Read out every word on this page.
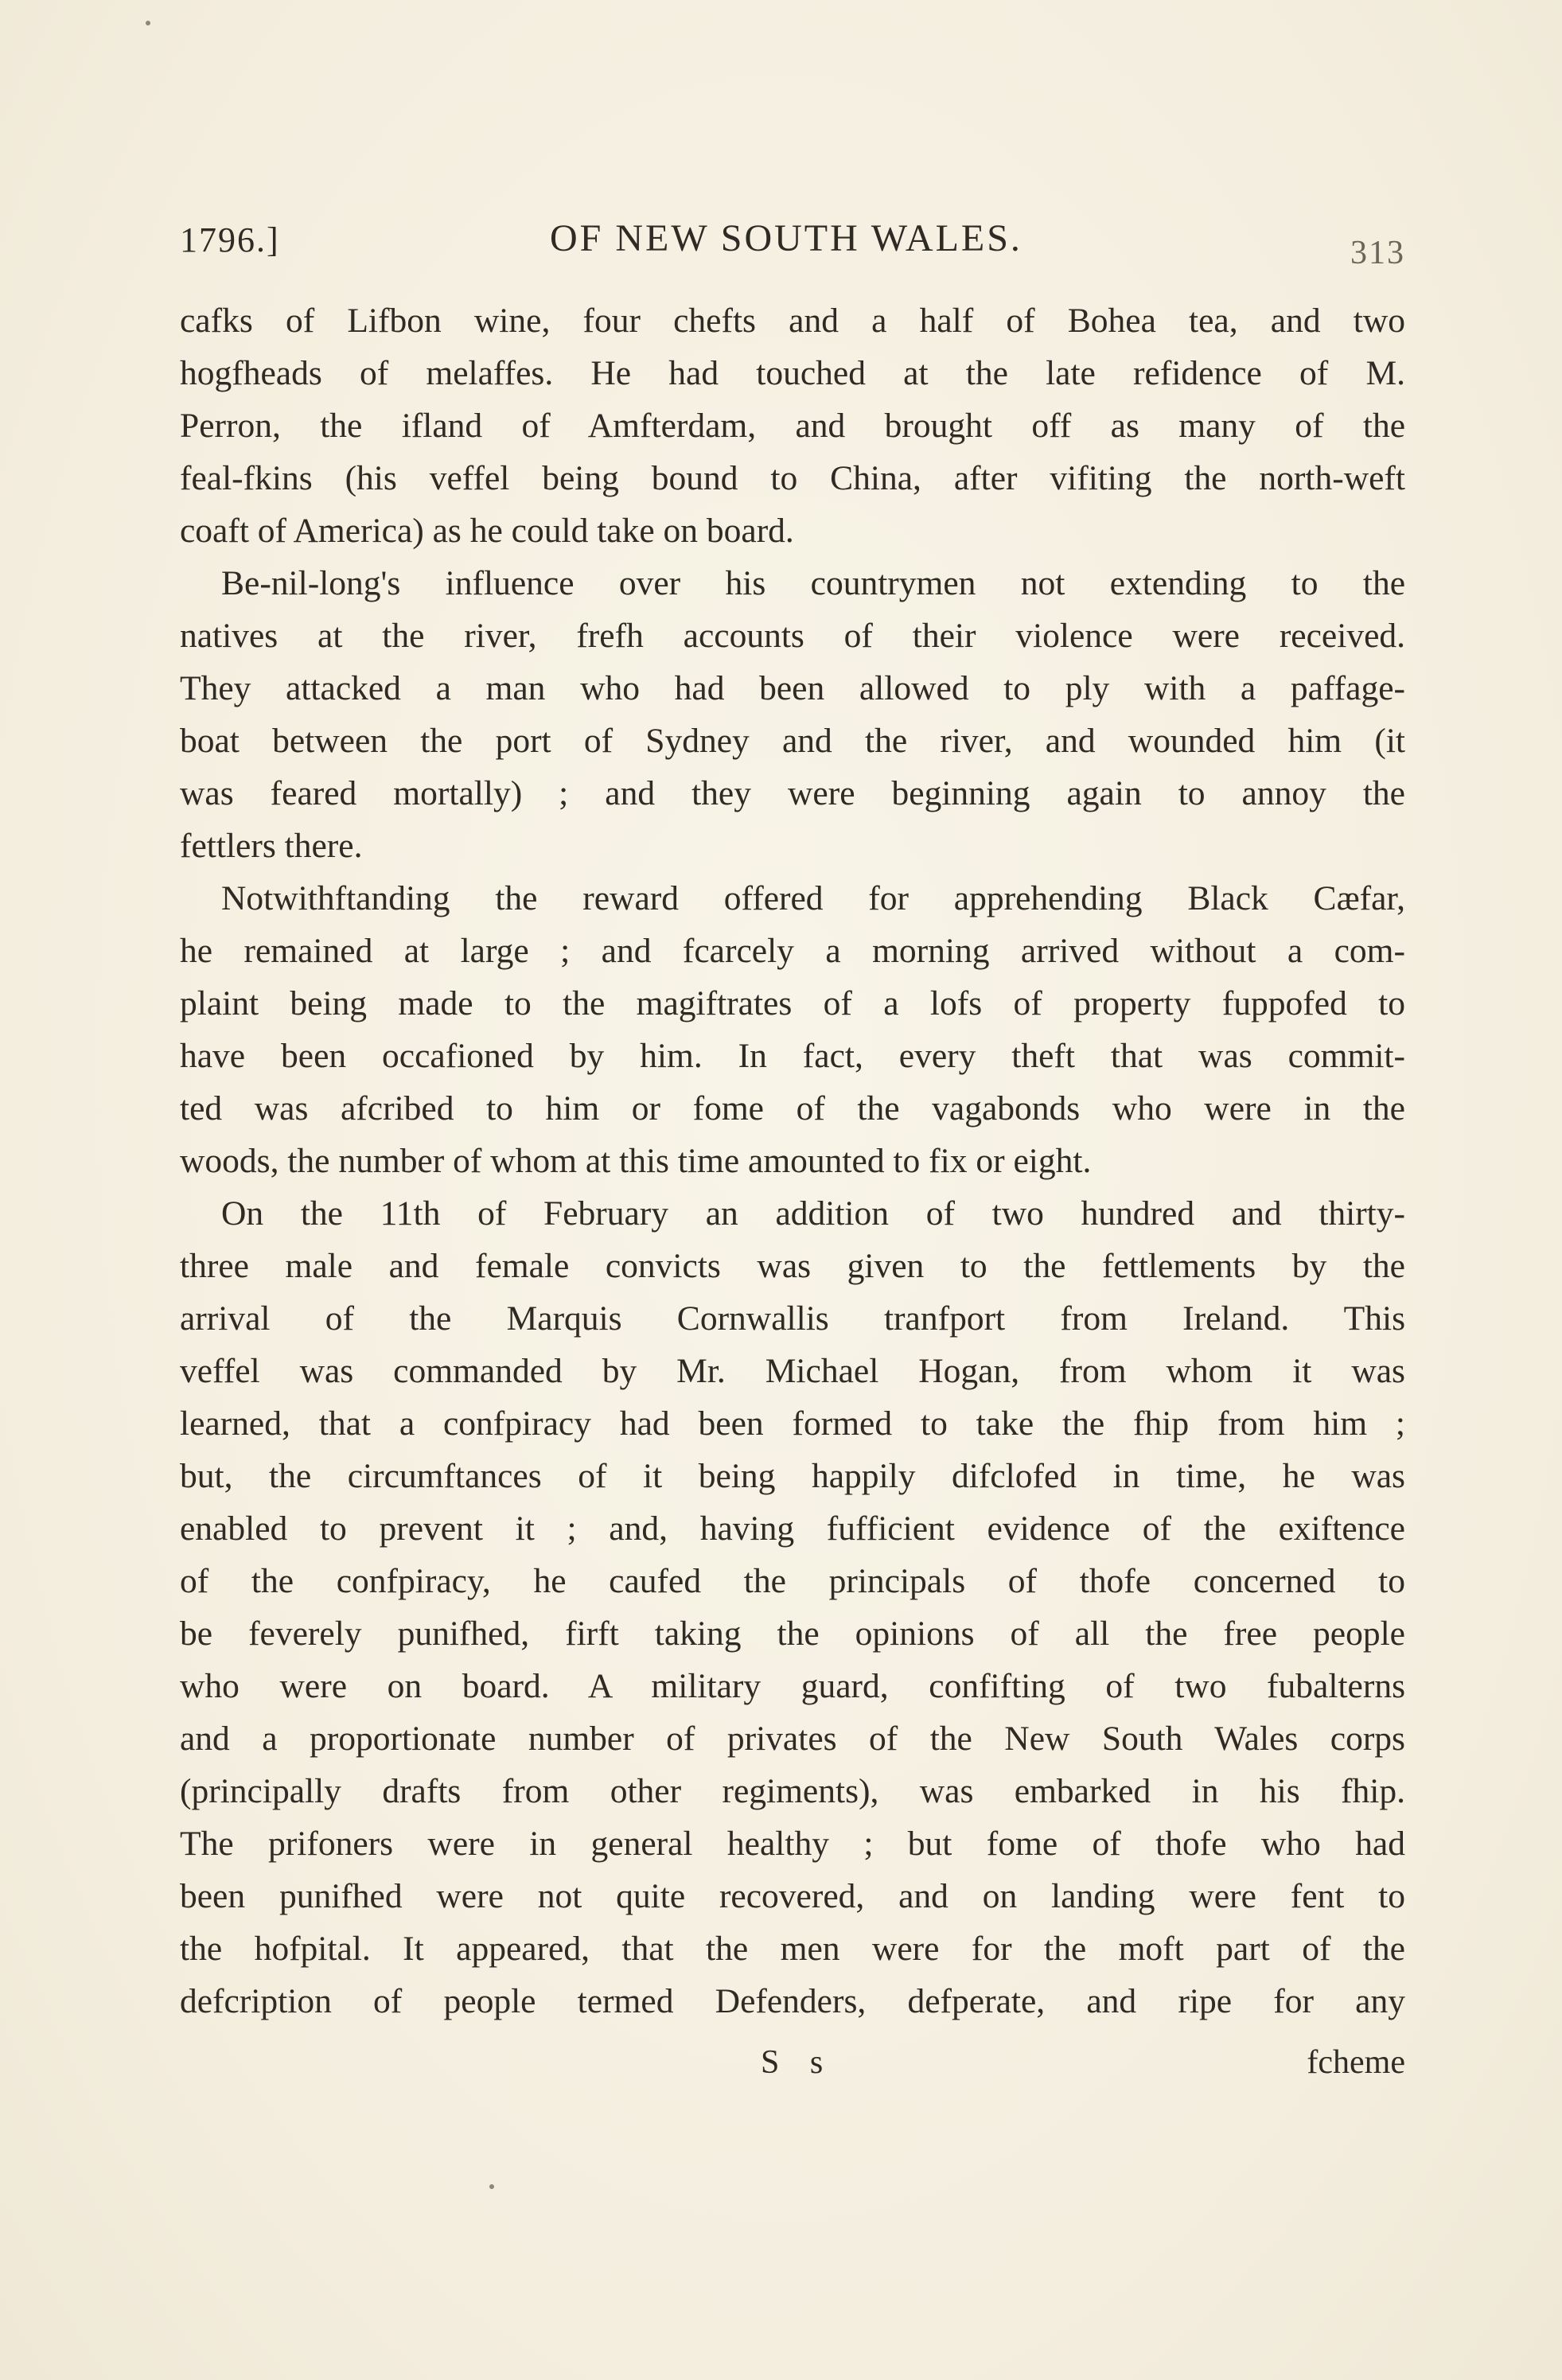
1796.]	OF NEW SOUTH WALES.	313
cafks of Lifbon wine, four chefts and a half of Bohea tea, and two
hogfheads of melaffes. He had touched at the late refidence of M.
Perron, the ifland of Amfterdam, and brought off as many of the
feal-fkins (his veffel being bound to China, after vifiting the north-weft
coaft of America) as he could take on board.
Be-nil-long's influence over his countrymen not extending to the
natives at the river, frefh accounts of their violence were received.
They attacked a man who had been allowed to ply with a paffage-
boat between the port of Sydney and the river, and wounded him (it
was feared mortally) ; and they were beginning again to annoy the
fettlers there.
Notwithftanding the reward offered for apprehending Black Cæfar,
he remained at large ; and fcarcely a morning arrived without a com-
plaint being made to the magiftrates of a lofs of property fuppofed to
have been occafioned by him. In fact, every theft that was commit-
ted was afcribed to him or fome of the vagabonds who were in the
woods, the number of whom at this time amounted to fix or eight.
On the 11th of February an addition of two hundred and thirty-
three male and female convicts was given to the fettlements by the
arrival of the Marquis Cornwallis tranfport from Ireland. This
veffel was commanded by Mr. Michael Hogan, from whom it was
learned, that a confpiracy had been formed to take the fhip from him ;
but, the circumftances of it being happily difclofed in time, he was
enabled to prevent it ; and, having fufficient evidence of the exiftence
of the confpiracy, he caufed the principals of thofe concerned to
be feverely punifhed, firft taking the opinions of all the free people
who were on board. A military guard, confifting of two fubalterns
and a proportionate number of privates of the New South Wales corps
(principally drafts from other regiments), was embarked in his fhip.
The prifoners were in general healthy ; but fome of thofe who had
been punifhed were not quite recovered, and on landing were fent to
the hofpital. It appeared, that the men were for the moft part of the
defcription of people termed Defenders, defperate, and ripe for any
S s	fcheme
